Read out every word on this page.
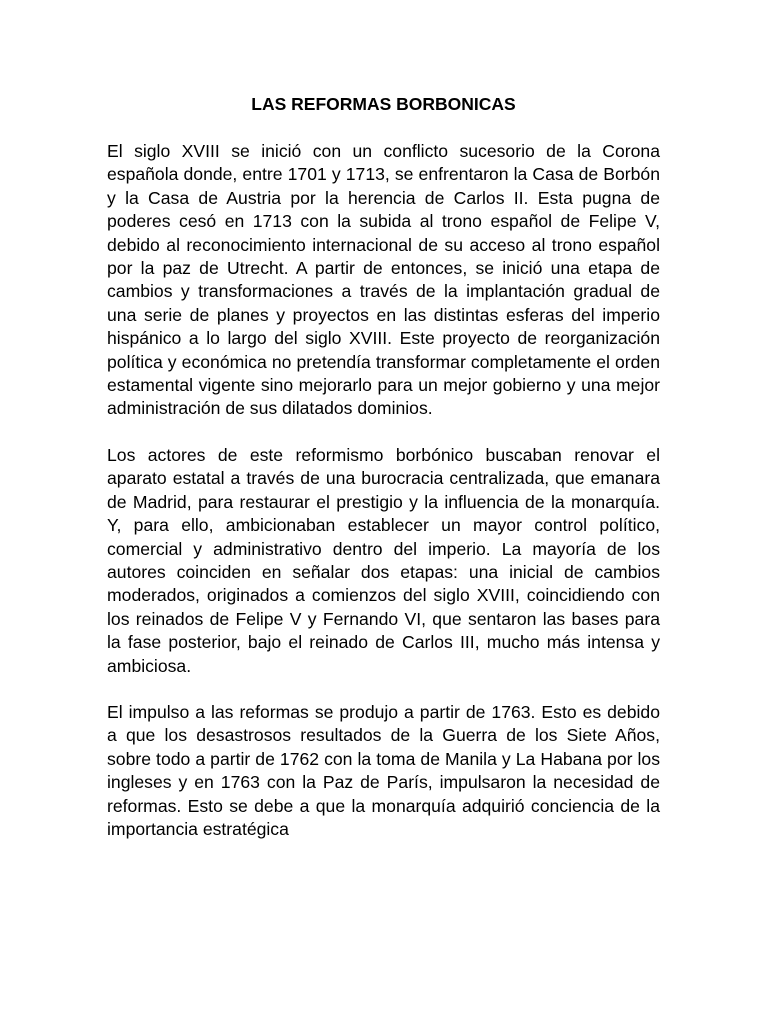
LAS REFORMAS BORBONICAS

El siglo XVIII se inició con un conflicto sucesorio de la Corona española donde, entre 1701 y 1713, se enfrentaron la Casa de Borbón y la Casa de Austria por la herencia de Carlos II. Esta pugna de poderes cesó en 1713 con la subida al trono español de Felipe V, debido al reconocimiento internacional de su acceso al trono español por la paz de Utrecht. A partir de entonces, se inició una etapa de cambios y transformaciones a través de la implantación gradual de una serie de planes y proyectos en las distintas esferas del imperio hispánico a lo largo del siglo XVIII. Este proyecto de reorganización política y económica no pretendía transformar completamente el orden estamental vigente sino mejorarlo para un mejor gobierno y una mejor administración de sus dilatados dominios.

Los actores de este reformismo borbónico buscaban renovar el aparato estatal a través de una burocracia centralizada, que emanara de Madrid, para restaurar el prestigio y la influencia de la monarquía. Y, para ello, ambicionaban establecer un mayor control político, comercial y administrativo dentro del imperio. La mayoría de los autores coinciden en señalar dos etapas: una inicial de cambios moderados, originados a comienzos del siglo XVIII, coincidiendo con los reinados de Felipe V y Fernando VI, que sentaron las bases para la fase posterior, bajo el reinado de Carlos III, mucho más intensa y ambiciosa.

El impulso a las reformas se produjo a partir de 1763. Esto es debido a que los desastrosos resultados de la Guerra de los Siete Años, sobre todo a partir de 1762 con la toma de Manila y La Habana por los ingleses y en 1763 con la Paz de París, impulsaron la necesidad de reformas. Esto se debe a que la monarquía adquirió conciencia de la importancia estratégica
